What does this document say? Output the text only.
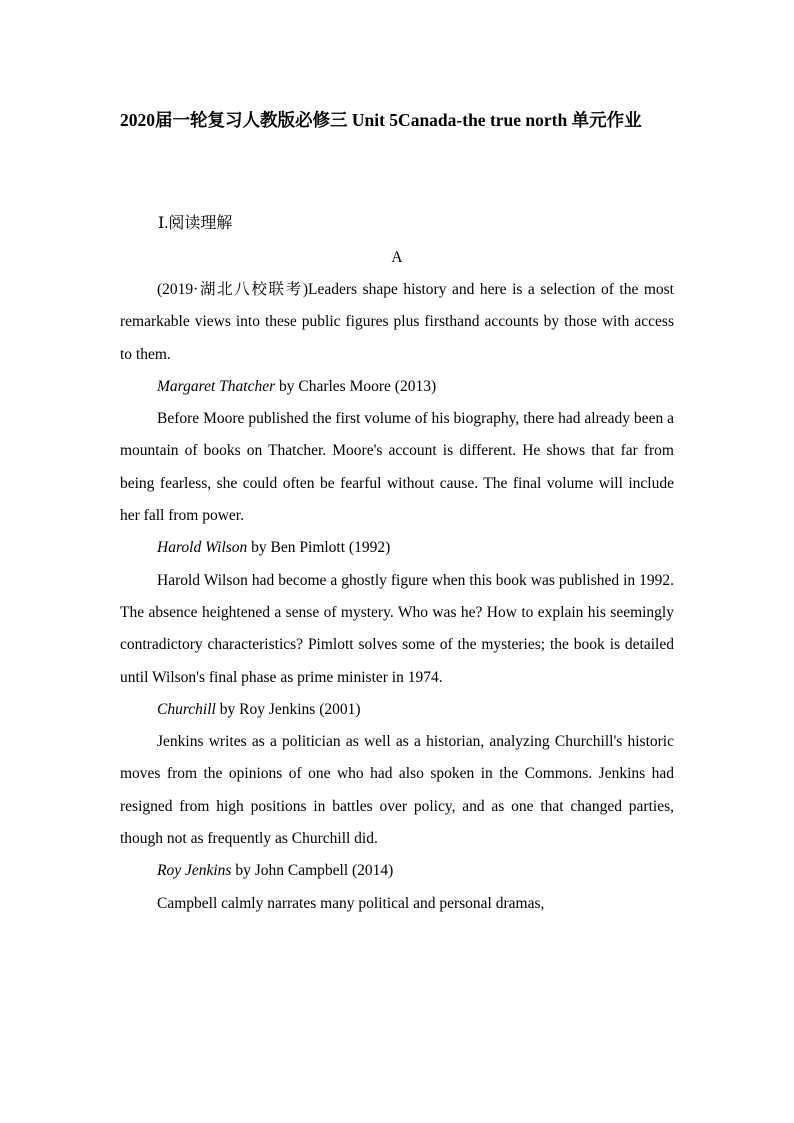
2020届一轮复习人教版必修三 Unit 5Canada-the true north 单元作业
Ⅰ.阅读理解
A

(2019·湖北八校联考)Leaders shape history and here is a selection of the most remarkable views into these public figures plus firsthand accounts by those with access to them.

Margaret Thatcher by Charles Moore (2013)

Before Moore published the first volume of his biography, there had already been a mountain of books on Thatcher. Moore's account is different. He shows that far from being fearless, she could often be fearful without cause. The final volume will include her fall from power.

Harold Wilson by Ben Pimlott (1992)

Harold Wilson had become a ghostly figure when this book was published in 1992. The absence heightened a sense of mystery. Who was he? How to explain his seemingly contradictory characteristics? Pimlott solves some of the mysteries; the book is detailed until Wilson's final phase as prime minister in 1974.

Churchill by Roy Jenkins (2001)

Jenkins writes as a politician as well as a historian, analyzing Churchill's historic moves from the opinions of one who had also spoken in the Commons. Jenkins had resigned from high positions in battles over policy, and as one that changed parties, though not as frequently as Churchill did.

Roy Jenkins by John Campbell (2014)

Campbell calmly narrates many political and personal dramas,
